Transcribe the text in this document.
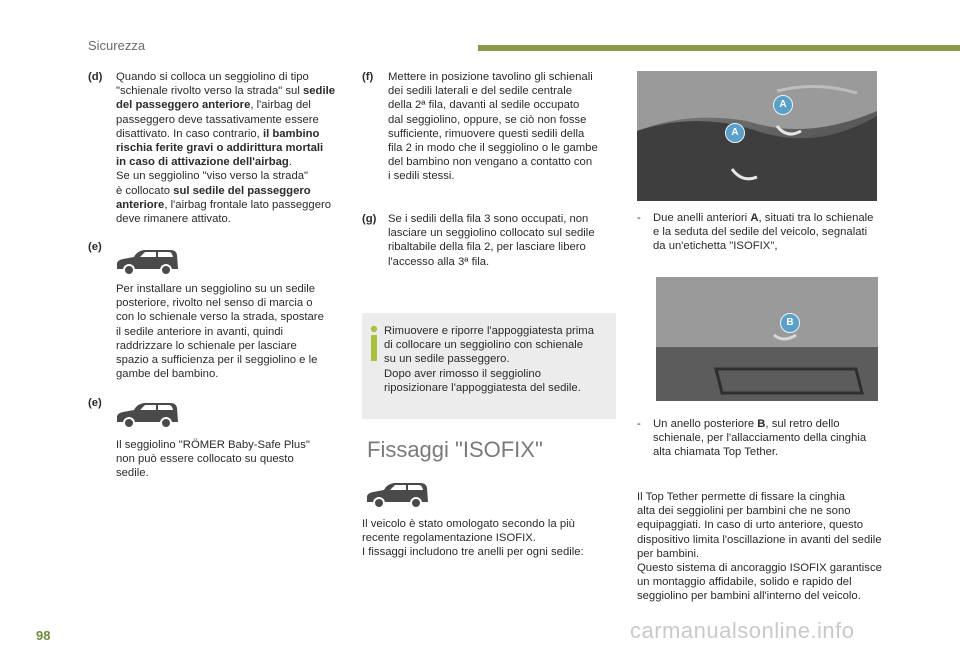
Sicurezza
(d) Quando si colloca un seggiolino di tipo
"schienale rivolto verso la strada" sul sedile
del passeggero anteriore, l'airbag del
passeggero deve tassativamente essere
disattivato. In caso contrario, il bambino
rischia ferite gravi o addirittura mortali
in caso di attivazione dell'airbag.
Se un seggiolino "viso verso la strada"
è collocato sul sedile del passeggero
anteriore, l'airbag frontale lato passeggero
deve rimanere attivato.
(e)
Per installare un seggiolino su un sedile
posteriore, rivolto nel senso di marcia o
con lo schienale verso la strada, spostare
il sedile anteriore in avanti, quindi
raddrizzare lo schienale per lasciare
spazio a sufficienza per il seggiolino e le
gambe del bambino.
(e)
Il seggiolino "RÖMER Baby-Safe Plus"
non può essere collocato su questo
sedile.
(f) Mettere in posizione tavolino gli schienali
dei sedili laterali e del sedile centrale
della 2ª fila, davanti al sedile occupato
dal seggiolino, oppure, se ciò non fosse
sufficiente, rimuovere questi sedili della
fila 2 in modo che il seggiolino o le gambe
del bambino non vengano a contatto con
i sedili stessi.
(g) Se i sedili della fila 3 sono occupati, non
lasciare un seggiolino collocato sul sedile
ribaltabile della fila 2, per lasciare libero
l'accesso alla 3ª fila.
Rimuovere e riporre l'appoggiatesta prima
di collocare un seggiolino con schienale
su un sedile passeggero.
Dopo aver rimosso il seggiolino
riposizionare l'appoggiatesta del sedile.
Fissaggi "ISOFIX"
Il veicolo è stato omologato secondo la più
recente regolamentazione ISOFIX.
I fissaggi includono tre anelli per ogni sedile:
A
A
- Due anelli anteriori A, situati tra lo schienale
e la seduta del sedile del veicolo, segnalati
da un'etichetta "ISOFIX",
B
- Un anello posteriore B, sul retro dello
schienale, per l'allacciamento della cinghia
alta chiamata Top Tether.
Il Top Tether permette di fissare la cinghia
alta dei seggiolini per bambini che ne sono
equipaggiati. In caso di urto anteriore, questo
dispositivo limita l'oscillazione in avanti del sedile
per bambini.
Questo sistema di ancoraggio ISOFIX garantisce
un montaggio affidabile, solido e rapido del
seggiolino per bambini all'interno del veicolo.
98	carmanualsonline.info
